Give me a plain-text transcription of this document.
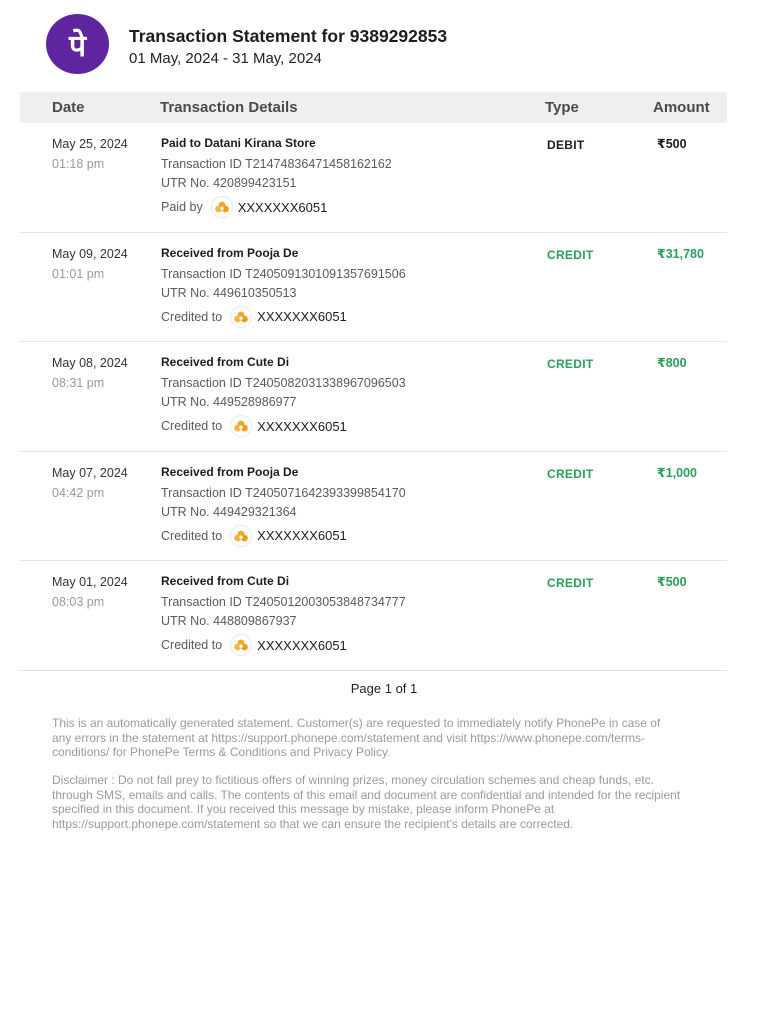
पे Transaction Statement for 9389292853
01 May, 2024 - 31 May, 2024
Date	Transaction Details	Type	Amount
May 25, 2024
01:18 pm
Paid to Datani Kirana Store
Transaction ID T2147483647145816216​2
UTR No. 420899423151
Paid by	XXXXXXX6051
DEBIT	₹500
May 09, 2024
01:01 pm
Received from Pooja De
Transaction ID T2405091301091357691506
UTR No. 449610350513
Credited to	XXXXXXX6051
CREDIT	₹31,780
May 08, 2024
08:31 pm
Received from Cute Di
Transaction ID T2405082031338967096503
UTR No. 449528986977
Credited to	XXXXXXX6051
CREDIT	₹800
May 07, 2024
04:42 pm
Received from Pooja De
Transaction ID T2405071642393399854170
UTR No. 449429321364
Credited to	XXXXXXX6051
CREDIT	₹1,000
May 01, 2024
08:03 pm
Received from Cute Di
Transaction ID T2405012003053848734777
UTR No. 448809867937
Credited to	XXXXXXX6051
CREDIT	₹500
Page 1 of 1
This is an automatically generated statement. Customer(s) are requested to immediately notify PhonePe in case of any errors in the statement at https://support.phonepe.com/statement and visit https://www.phonepe.com/terms-conditions/ for PhonePe Terms & Conditions and Privacy Policy.
Disclaimer : Do not fall prey to fictitious offers of winning prizes, money circulation schemes and cheap funds, etc. through SMS, emails and calls. The contents of this email and document are confidential and intended for the recipient specified in this document. If you received this message by mistake, please inform PhonePe at https://support.phonepe.com/statement so that we can ensure the recipient's details are corrected.
